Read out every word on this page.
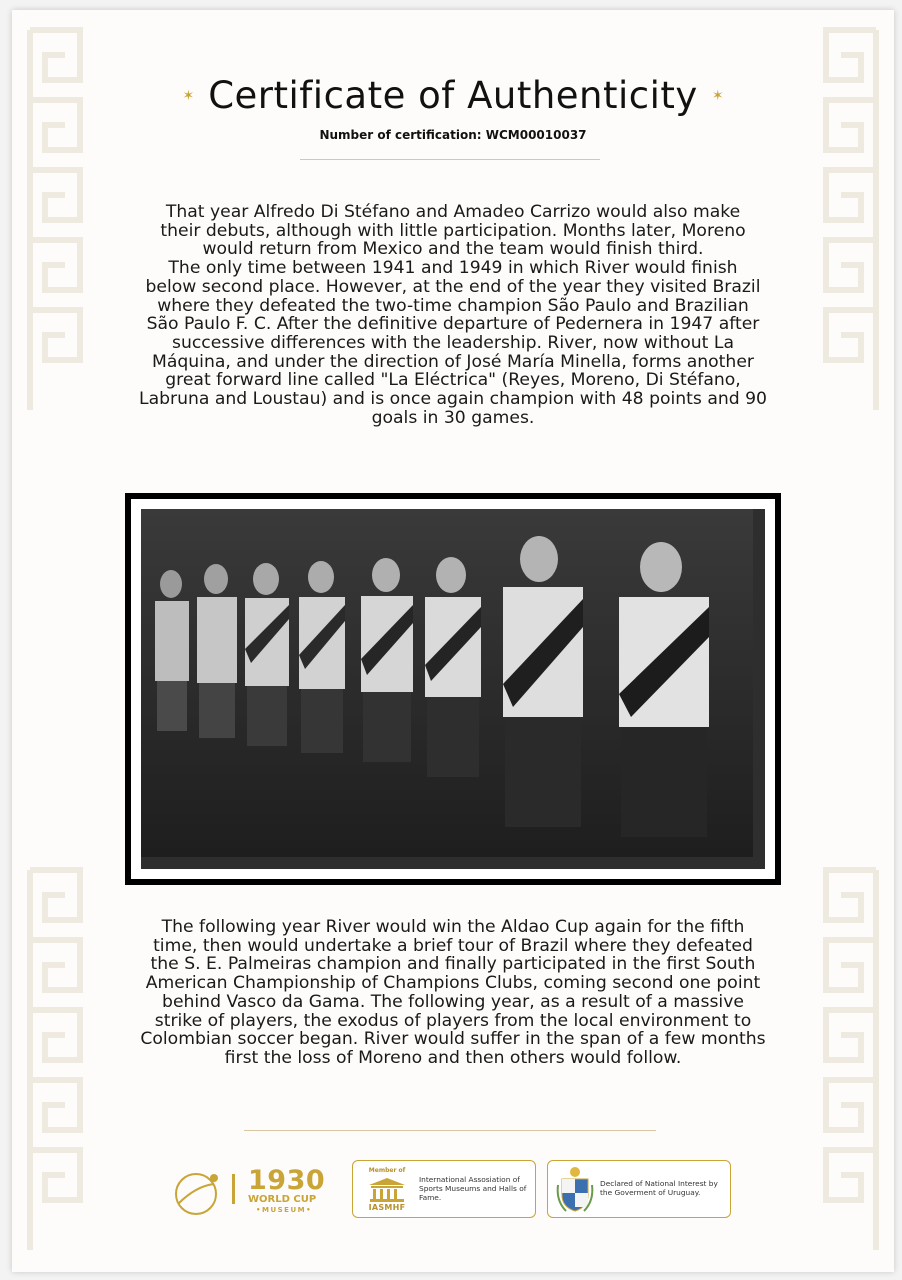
✶ Certificate of Authenticity ✶
Number of certification: WCM00010037
That year Alfredo Di Stéfano and Amadeo Carrizo would also make
their debuts, although with little participation. Months later, Moreno
would return from Mexico and the team would finish third.
The only time between 1941 and 1949 in which River would finish
below second place. However, at the end of the year they visited Brazil
where they defeated the two-time champion São Paulo and Brazilian
São Paulo F. C. After the definitive departure of Pedernera in 1947 after
successive differences with the leadership. River, now without La
Máquina, and under the direction of José María Minella, forms another
great forward line called "La Eléctrica" (Reyes, Moreno, Di Stéfano,
Labruna and Loustau) and is once again champion with 48 points and 90
goals in 30 games.
The following year River would win the Aldao Cup again for the fifth
time, then would undertake a brief tour of Brazil where they defeated
the S. E. Palmeiras champion and finally participated in the first South
American Championship of Champions Clubs, coming second one point
behind Vasco da Gama. The following year, as a result of a massive
strike of players, the exodus of players from the local environment to
Colombian soccer began. River would suffer in the span of a few months
first the loss of Moreno and then others would follow.
1930
WORLD CUP
•MUSEUM•
Member of
IASMHF
International Assosiation of Sports Museums and Halls of Fame.
Declared of National Interest by the Goverment of Uruguay.
